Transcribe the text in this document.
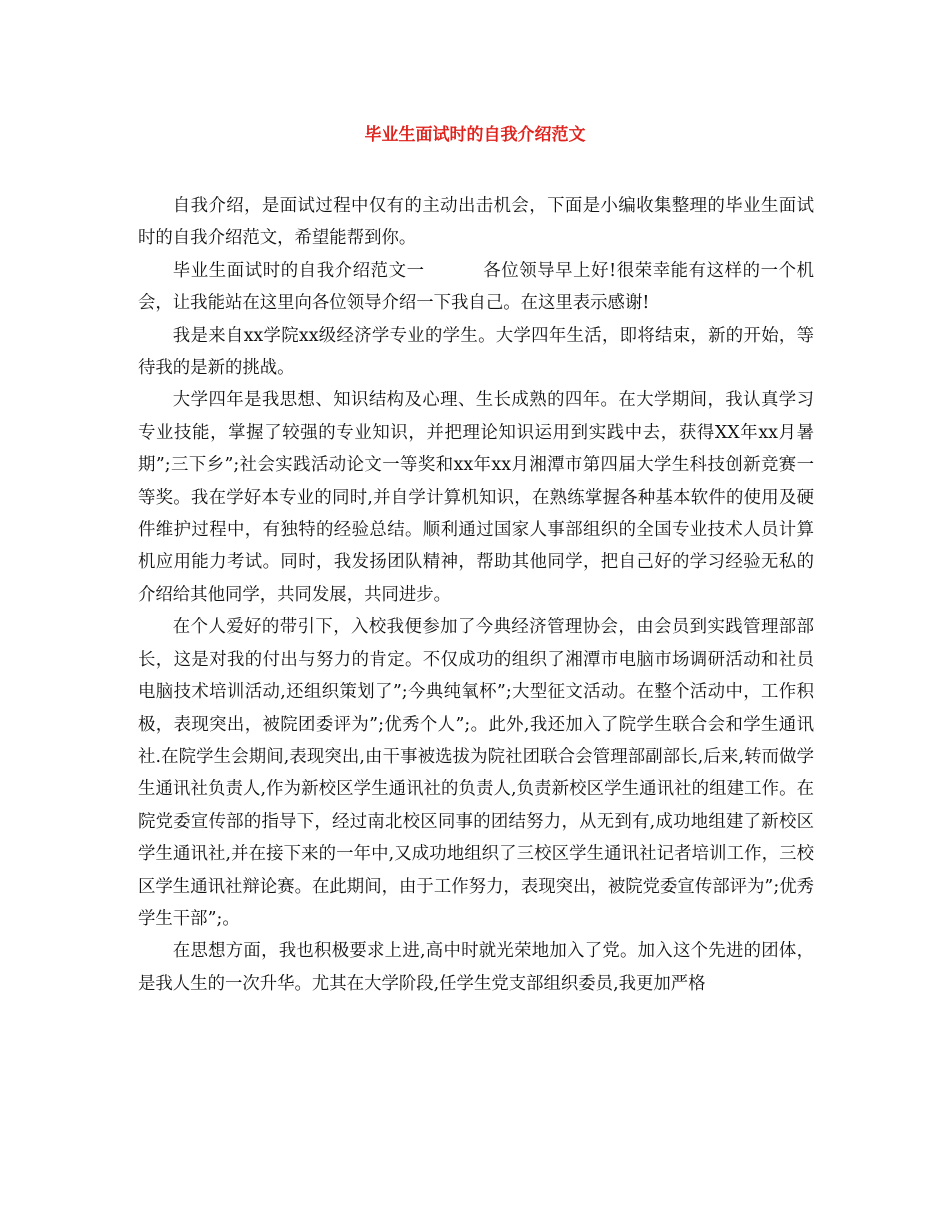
毕业生面试时的自我介绍范文

自我介绍，是面试过程中仅有的主动出击机会，下面是小编收集整理的毕业生面试时的自我介绍范文，希望能帮到你。

毕业生面试时的自我介绍范文一	各位领导早上好!很荣幸能有这样的一个机会，让我能站在这里向各位领导介绍一下我自己。在这里表示感谢!

我是来自xx学院xx级经济学专业的学生。大学四年生活，即将结束，新的开始，等待我的是新的挑战。

大学四年是我思想、知识结构及心理、生长成熟的四年。在大学期间，我认真学习专业技能，掌握了较强的专业知识，并把理论知识运用到实践中去，获得XX年xx月暑期”;三下乡”;社会实践活动论文一等奖和xx年xx月湘潭市第四届大学生科技创新竞赛一等奖。我在学好本专业的同时,并自学计算机知识，在熟练掌握各种基本软件的使用及硬件维护过程中，有独特的经验总结。顺利通过国家人事部组织的全国专业技术人员计算机应用能力考试。同时，我发扬团队精神，帮助其他同学，把自己好的学习经验无私的介绍给其他同学，共同发展，共同进步。

在个人爱好的带引下，入校我便参加了今典经济管理协会，由会员到实践管理部部长，这是对我的付出与努力的肯定。不仅成功的组织了湘潭市电脑市场调研活动和社员电脑技术培训活动,还组织策划了”;今典纯氧杯”;大型征文活动。在整个活动中，工作积极，表现突出，被院团委评为”;优秀个人”;。此外,我还加入了院学生联合会和学生通讯社.在院学生会期间,表现突出,由干事被选拔为院社团联合会管理部副部长,后来,转而做学生通讯社负责人,作为新校区学生通讯社的负责人,负责新校区学生通讯社的组建工作。在院党委宣传部的指导下，经过南北校区同事的团结努力，从无到有,成功地组建了新校区学生通讯社,并在接下来的一年中,又成功地组织了三校区学生通讯社记者培训工作，三校区学生通讯社辩论赛。在此期间，由于工作努力，表现突出，被院党委宣传部评为”;优秀学生干部”;。

在思想方面，我也积极要求上进,高中时就光荣地加入了党。加入这个先进的团体，是我人生的一次升华。尤其在大学阶段,任学生党支部组织委员,我更加严格
